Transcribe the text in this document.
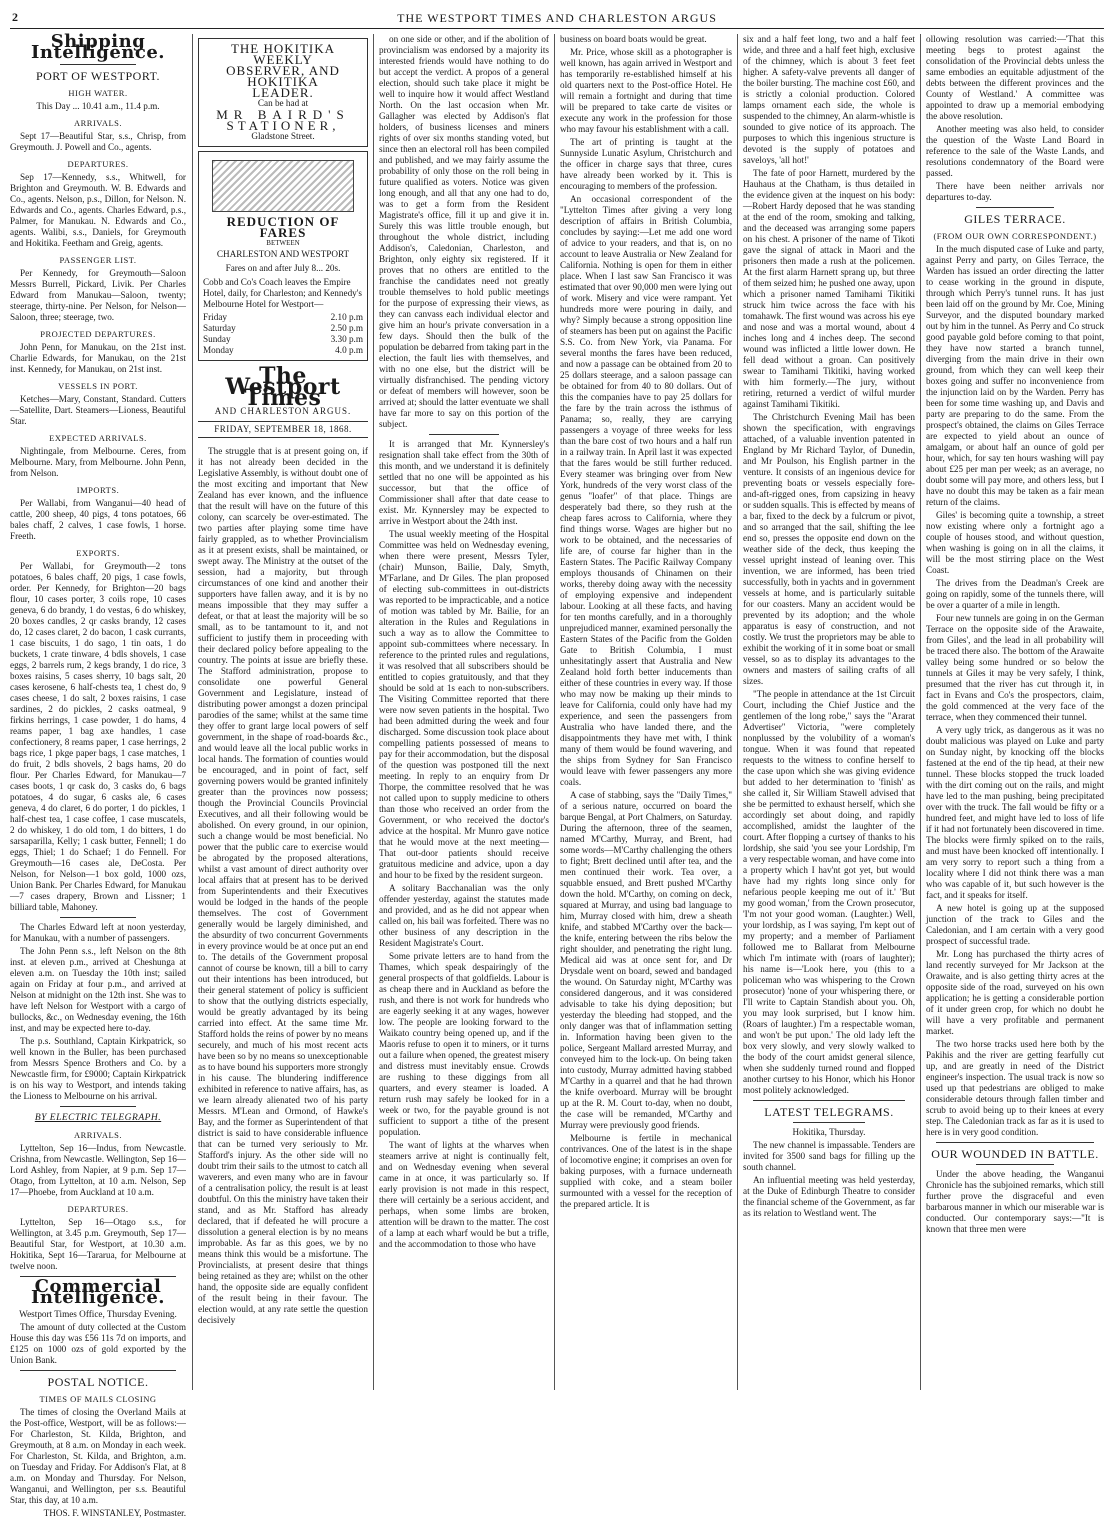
2	THE WESTPORT TIMES AND CHARLESTON ARGUS
Shipping Intelligence.
PORT OF WESTPORT.
HIGH WATER.

This Day ... 10.41 a.m., 11.4 p.m.

ARRIVALS.

Sept 17—Beautiful Star, s.s., Chrisp, from Greymouth. J. Powell and Co., agents.

DEPARTURES.

Sep 17—Kennedy, s.s., Whitwell, for Brighton and Greymouth. W. B. Edwards and Co., agents. Nelson, p.s., Dillon, for Nelson. N. Edwards and Co., agents. Charles Edward, p.s., Palmer, for Manukau. N. Edwards and Co., agents. Walibi, s.s., Daniels, for Greymouth and Hokitika. Feetham and Greig, agents.

PASSENGER LIST.

Per Kennedy, for Greymouth—Saloon Messrs Burrell, Pickard, Livik. Per Charles Edward from Manukau—Saloon, twenty; steerage, thirty-nine. Per Nelson, for Nelson—Saloon, three; steerage, two.

PROJECTED DEPARTURES.

John Penn, for Manukau, on the 21st inst. Charlie Edwards, for Manukau, on the 21st inst. Kennedy, for Manukau, on 21st inst.

VESSELS IN PORT.

Ketches—Mary, Constant, Standard. Cutters—Satellite, Dart. Steamers—Lioness, Beautiful Star.

EXPECTED ARRIVALS.

Nightingale, from Melbourne. Ceres, from Melbourne. Mary, from Melbourne. John Penn, from Nelson.

IMPORTS.

Per Wallabi, from Wanganui—40 head of cattle, 200 sheep, 40 pigs, 4 tons potatoes, 66 bales chaff, 2 calves, 1 case fowls, 1 horse. Freeth.

EXPORTS.

Per Wallabi, for Greymouth—2 tons potatoes, 6 bales chaff, 20 pigs, 1 case fowls, order. Per Kennedy, for Brighton—20 bags flour, 10 cases porter, 3 coils rope, 10 cases geneva, 6 do brandy, 1 do vestas, 6 do whiskey, 20 boxes candles, 2 qr casks brandy, 12 cases do, 12 cases claret, 2 do bacon, 1 cask currants, 1 case biscuits, 1 do sago, 1 tin oats, 1 do buckets, 1 crate tinware, 4 bdls shovels, 1 case eggs, 2 barrels rum, 2 kegs brandy, 1 do rice, 3 boxes raisins, 5 cases sherry, 10 bags salt, 20 cases kerosene, 6 half-chests tea, 1 chest do, 9 cases cheese, 1 do salt, 2 boxes raisins, 1 case sardines, 2 do pickles, 2 casks oatmeal, 9 firkins herrings, 1 case powder, 1 do hams, 4 reams paper, 1 bag axe handles, 1 case confectionery, 8 reams paper, 1 case herrings, 2 bags rice, 1 pkge paper bags, 1 case matches, 1 do fruit, 2 bdls shovels, 2 bags hams, 20 do flour. Per Charles Edward, for Manukau—7 cases boots, 1 qr cask do, 3 casks do, 6 bags potatoes, 4 do sugar, 6 casks ale, 6 cases geneva, 4 do claret, 6 do porter, 1 do pickles, 1 half-chest tea, 1 case coffee, 1 case muscatels, 2 do whiskey, 1 do old tom, 1 do bitters, 1 do sarsaparilla, Kelly; 1 cask butter, Fennell; 1 do eggs, Thiel; 1 do Schaef; 1 do Fennell. For Greymouth—16 cases ale, DeCosta. Per Nelson, for Nelson—1 box gold, 1000 ozs, Union Bank. Per Charles Edward, for Manukau—7 cases drapery, Brown and Lissner; 1 billiard table, Mahoney.

The Charles Edward left at noon yesterday, for Manukau, with a number of passengers.

The John Penn s.s., left Nelson on the 8th inst. at eleven p.m., arrived at Cheshunga at eleven a.m. on Tuesday the 10th inst; sailed again on Friday at four p.m., and arrived at Nelson at midnight on the 12th inst. She was to have left Nelson for Westport with a cargo of bullocks, &c., on Wednesday evening, the 16th inst, and may be expected here to-day.

The p.s. Southland, Captain Kirkpatrick, so well known in the Buller, has been purchased from Messrs Spence Brothers and Co. by a Newcastle firm, for £9000; Captain Kirkpatrick is on his way to Westport, and intends taking the Lioness to Melbourne on his arrival.

BY ELECTRIC TELEGRAPH.
ARRIVALS.

Lyttelton, Sep 16—Indus, from Newcastle. Crishna, from Newcastle. Wellington, Sep 16—Lord Ashley, from Napier, at 9 p.m. Sep 17—Otago, from Lyttelton, at 10 a.m. Nelson, Sep 17—Phoebe, from Auckland at 10 a.m.

DEPARTURES.

Lyttelton, Sep 16—Otago s.s., for Wellington, at 3.45 p.m. Greymouth, Sep 17—Beautiful Star, for Westport, at 10.30 a.m. Hokitika, Sept 16—Tararua, for Melbourne at twelve noon.

Commercial Intelligence.

Westport Times Office, Thursday Evening.

The amount of duty collected at the Custom House this day was £56 11s 7d on imports, and £125 on 1000 ozs of gold exported by the Union Bank.

POSTAL NOTICE.
TIMES OF MAILS CLOSING

The times of closing the Overland Mails at the Post-office, Westport, will be as follows:—For Charleston, St. Kilda, Brighton, and Greymouth, at 8 a.m. on Monday in each week. For Charleston, St. Kilda, and Brighton, a.m. on Tuesday and Friday. For Addison's Flat, at 8 a.m. on Monday and Thursday. For Nelson, Wanganui, and Wellington, per s.s. Beautiful Star, this day, at 10 a.m.

THOS. F. WINSTANLEY, Postmaster.

THE HOKITIKA WEEKLY
OBSERVER, AND HOKITIKA
LEADER.
Can be had at
MR BAIRD'S
STATIONER,
Gladstone Street.
REDUCTION OF FARES
BETWEEN
CHARLESTON AND WESTPORT
Fares on and after July 8... 20s.

Cobb and Co's Coach leaves the Empire Hotel, daily, for Charleston; and Kennedy's Melbourne Hotel for Westport—

Friday	2.10 p.m
Saturday	2.50 p.m
Sunday	3.30 p.m
Monday	4.0 p.m
The Westport Times
AND CHARLESTON ARGUS.
FRIDAY, SEPTEMBER 18, 1868.

The struggle that is at present going on, if it has not already been decided in the Legislative Assembly, is without doubt one of the most exciting and important that New Zealand has ever known, and the influence that the result will have on the future of this colony, can scarcely be over-estimated. The two parties after playing some time have fairly grappled, as to whether Provincialism as it at present exists, shall be maintained, or swept away. The Ministry at the outset of the session, had a majority, but through circumstances of one kind and another their supporters have fallen away, and it is by no means impossible that they may suffer a defeat, or that at least the majority will be so small, as to be tantamount to it, and not sufficient to justify them in proceeding with their declared policy before appealing to the country. The points at issue are briefly these. The Stafford administration, propose to consolidate one powerful General Government and Legislature, instead of distributing power amongst a dozen principal parodies of the same; whilst at the same time they offer to grant large local powers of self government, in the shape of road-boards &c., and would leave all the local public works in local hands. The formation of counties would be encouraged, and in point of fact, self governing powers would be granted infinitely greater than the provinces now possess; though the Provincial Councils Provincial Executives, and all their following would be abolished. On every ground, in our opinion, such a change would be most beneficial. No power that the public care to exercise would be abrogated by the proposed alterations, whilst a vast amount of direct authority over local affairs that at present has to be derived from Superintendents and their Executives would be lodged in the hands of the people themselves. The cost of Government generally would be largely diminished, and the absurdity of two concurrent Governments in every province would be at once put an end to. The details of the Government proposal cannot of course be known, till a bill to carry out their intentions has been introduced, but their general statement of policy is sufficient to show that the outlying districts especially, would be greatly advantaged by its being carried into effect. At the same time Mr. Stafford holds the reins of power by no means securely, and much of his most recent acts have been so by no means so unexceptionable as to have bound his supporters more strongly in his cause. The blundering indifference exhibited in reference to native affairs, has, as we learn already alienated two of his party Messrs. M'Lean and Ormond, of Hawke's Bay, and the former as Superintendent of that district is said to have considerable influence that can be turned very seriously to Mr. Stafford's injury. As the other side will no doubt trim their sails to the utmost to catch all waverers, and even many who are in favour of a centralisation policy, the result is at least doubtful. On this the ministry have taken their stand, and as Mr. Stafford has already declared, that if defeated he will procure a dissolution a general election is by no means improbable. As far as this goes, we by no means think this would be a misfortune. The Provincialists, at present desire that things being retained as they are; whilst on the other hand, the opposite side are equally confident of the result being in their favour. The election would, at any rate settle the question decisively

on one side or other, and if the abolition of provincialism was endorsed by a majority its interested friends would have nothing to do but accept the verdict. A propos of a general election, should such take place it might be well to inquire how it would affect Westland North. On the last occasion when Mr. Gallagher was elected by Addison's flat holders, of business licenses and miners rights of over six months standing voted, but since then an electoral roll has been compiled and published, and we may fairly assume the probability of only those on the roll being in future qualified as voters. Notice was given long enough, and all that any one had to do, was to get a form from the Resident Magistrate's office, fill it up and give it in. Surely this was little trouble enough, but throughout the whole district, including Addison's, Caledonian, Charleston, and Brighton, only eighty six registered. If it proves that no others are entitled to the franchise the candidates need not greatly trouble themselves to hold public meetings for the purpose of expressing their views, as they can canvass each individual elector and give him an hour's private conversation in a few days. Should then the bulk of the population be debarred from taking part in the election, the fault lies with themselves, and with no one else, but the district will be virtually disfranchised. The pending victory or defeat of members will however, soon be arrived at; should the latter eventuate we shall have far more to say on this portion of the subject.

It is arranged that Mr. Kynnersley's resignation shall take effect from the 30th of this month, and we understand it is definitely settled that no one will be appointed as his successor, but that the office of Commissioner shall after that date cease to exist. Mr. Kynnersley may be expected to arrive in Westport about the 24th inst.

The usual weekly meeting of the Hospital Committee was held on Wednesday evening, when there were present, Messrs Tyler, (chair) Munson, Bailie, Daly, Smyth, M'Farlane, and Dr Giles. The plan proposed of electing sub-committees in out-districts was reported to be impracticable, and a notice of motion was tabled by Mr. Bailie, for an alteration in the Rules and Regulations in such a way as to allow the Committee to appoint sub-committees where necessary. In reference to the printed rules and regulations, it was resolved that all subscribers should be entitled to copies gratuitously, and that they should be sold at 1s each to non-subscribers. The Visiting Committee reported that there were now seven patients in the hospital. Two had been admitted during the week and four discharged. Some discussion took place about compelling patients possessed of means to pay for their accommodation, but the disposal of the question was postponed till the next meeting. In reply to an enquiry from Dr Thorpe, the committee resolved that he was not called upon to supply medicine to others than those who received an order from the Government, or who received the doctor's advice at the hospital. Mr Munro gave notice that he would move at the next meeting—That out-door patients should receive gratuitous medicine and advice, upon a day and hour to be fixed by the resident surgeon.

A solitary Bacchanalian was the only offender yesterday, against the statutes made and provided, and as he did not appear when called on, his bail was forfeited. There was no other business of any description in the Resident Magistrate's Court.

Some private letters are to hand from the Thames, which speak despairingly of the general prospects of that goldfields. Labour is as cheap there and in Auckland as before the rush, and there is not work for hundreds who are eagerly seeking it at any wages, however low. The people are looking forward to the Waikato country being opened up, and if the Maoris refuse to open it to miners, or it turns out a failure when opened, the greatest misery and distress must inevitably ensue. Crowds are rushing to these diggings from all quarters, and every steamer is loaded. A return rush may safely be looked for in a week or two, for the payable ground is not sufficient to support a tithe of the present population.

The want of lights at the wharves when steamers arrive at night is continually felt, and on Wednesday evening when several came in at once, it was particularly so. If early provision is not made in this respect, there will certainly be a serious accident, and perhaps, when some limbs are broken, attention will be drawn to the matter. The cost of a lamp at each wharf would be but a trifle, and the accommodation to those who have

business on board boats would be great.

Mr. Price, whose skill as a photographer is well known, has again arrived in Westport and has temporarily re-established himself at his old quarters next to the Post-office Hotel. He will remain a fortnight and during that time will be prepared to take carte de visites or execute any work in the profession for those who may favour his establishment with a call.

The art of printing is taught at the Sunnyside Lunatic Asylum, Christchurch and the officer in charge says that three, cures have already been worked by it. This is encouraging to members of the profession.

An occasional correspondent of the "Lyttelton Times after giving a very long description of affairs in British Columbia, concludes by saying:—Let me add one word of advice to your readers, and that is, on no account to leave Australia or New Zealand for California. Nothing is open for them in either place. When I last saw San Francisco it was estimated that over 90,000 men were lying out of work. Misery and vice were rampant. Yet hundreds more were pouring in daily, and why? Simply because a strong opposition line of steamers has been put on against the Pacific S.S. Co. from New York, via Panama. For several months the fares have been reduced, and now a passage can be obtained from 20 to 25 dollars steerage, and a saloon passage can be obtained for from 40 to 80 dollars. Out of this the companies have to pay 25 dollars for the fare by the train across the isthmus of Panama; so, really, they are carrying passengers a voyage of three weeks for less than the bare cost of two hours and a half run in a railway train. In April last it was expected that the fares would be still further reduced. Every steamer was bringing over from New York, hundreds of the very worst class of the genus "loafer" of that place. Things are desperately bad there, so they rush at the cheap fares across to California, where they find things worse. Wages are higher but no work to be obtained, and the necessaries of life are, of course far higher than in the Eastern States. The Pacific Railway Company employs thousands of Chinamen on their works, thereby doing away with the necessity of employing expensive and independent labour. Looking at all these facts, and having for ten months carefully, and in a thoroughly unprejudiced manner, examined personally the Eastern States of the Pacific from the Golden Gate to British Columbia, I must unhesitatingly assert that Australia and New Zealand hold forth better inducements than either of these countries in every way. If those who may now be making up their minds to leave for California, could only have had my experience, and seen the passengers from Australia who have landed there, and the disappointments they have met with, I think many of them would be found wavering, and the ships from Sydney for San Francisco would leave with fewer passengers any more coals.

A case of stabbing, says the "Daily Times," of a serious nature, occurred on board the barque Bengal, at Port Chalmers, on Saturday. During the afternoon, three of the seamen, named M'Carthy, Murray, and Brent, had some words—M'Carthy challenging the others to fight; Brett declined until after tea, and the men continued their work. Tea over, a squabble ensued, and Brett pushed M'Carthy down the hold. M'Carthy, on coming on deck, squared at Murray, and using bad language to him, Murray closed with him, drew a sheath knife, and stabbed M'Carthy over the back—the knife, entering between the ribs below the right shoulder, and penetrating the right lung. Medical aid was at once sent for, and Dr Drysdale went on board, sewed and bandaged the wound. On Saturday night, M'Carthy was considered dangerous, and it was considered advisable to take his dying deposition; but yesterday the bleeding had stopped, and the only danger was that of inflammation setting in. Information having been given to the police, Sergeant Mallard arrested Murray, and conveyed him to the lock-up. On being taken into custody, Murray admitted having stabbed M'Carthy in a quarrel and that he had thrown the knife overboard. Murray will be brought up at the R. M. Court to-day, when no doubt, the case will be remanded, M'Carthy and Murray were previously good friends.

Melbourne is fertile in mechanical contrivances. One of the latest is in the shape of locomotive engine; it comprises an oven for baking purposes, with a furnace underneath supplied with coke, and a steam boiler surmounted with a vessel for the reception of the prepared article. It is

six and a half feet long, two and a half feet wide, and three and a half feet high, exclusive of the chimney, which is about 3 feet feet higher. A safety-valve prevents all danger of the boiler bursting. The machine cost £60, and is strictly a colonial production. Colored lamps ornament each side, the whole is suspended to the chimney, An alarm-whistle is sounded to give notice of its approach. The purposes to which this ingenious structure is devoted is the supply of potatoes and saveloys, 'all hot!'

The fate of poor Harnett, murdered by the Hauhaus at the Chatham, is thus detailed in the evidence given at the inquest on his body:—Robert Hardy deposed that he was standing at the end of the room, smoking and talking, and the deceased was arranging some papers on his chest. A prisoner of the name of Tikoti gave the signal of attack in Maori and the prisoners then made a rush at the policemen. At the first alarm Harnett sprang up, but three of them seized him; he pushed one away, upon which a prisoner named Tamihami Tikitiki struck him twice across the face with his tomahawk. The first wound was across his eye and nose and was a mortal wound, about 4 inches long and 4 inches deep. The second wound was inflicted a little lower down. He fell dead without a groan. Can positively swear to Tamihami Tikitiki, having worked with him formerly.—The jury, without retiring, returned a verdict of wilful murder against Tamihami Tikitiki.

The Christchurch Evening Mail has been shown the specification, with engravings attached, of a valuable invention patented in England by Mr Richard Taylor, of Dunedin, and Mr Poulson, his English partner in the venture. It consists of an ingenious device for preventing boats or vessels especially fore-and-aft-rigged ones, from capsizing in heavy or sudden squalls. This is effected by means of a bar, fixed to the deck by a fulcrum or pivot, and so arranged that the sail, shifting the lee end so, presses the opposite end down on the weather side of the deck, thus keeping the vessel upright instead of leaning over. This invention, we are informed, has been tried successfully, both in yachts and in government vessels at home, and is particularly suitable for our coasters. Many an accident would be prevented by its adoption; and the whole apparatus is easy of construction, and not costly. We trust the proprietors may be able to exhibit the working of it in some boat or small vessel, so as to display its advantages to the owners and masters of sailing crafts of all sizes.

"The people in attendance at the 1st Circuit Court, including the Chief Justice and the gentlemen of the long robe," says the "Ararat Advertiser" Victoria, "were completely nonplussed by the volubility of a woman's tongue. When it was found that repeated requests to the witness to confine herself to the case upon which she was giving evidence but added to her determination to 'finish' as she called it, Sir William Stawell advised that she be permitted to exhaust herself, which she accordingly set about doing, and rapidly accomplished, amidst the laughter of the court. After flopping a curtsey of thanks to his lordship, she said 'you see your Lordship, I'm a very respectable woman, and have come into a property which I hav'nt got yet, but would have had my rights long since only for nefarious people keeping me out of it.' 'But my good woman,' from the Crown prosecutor, 'I'm not your good woman. (Laughter.) Well, your lordship, as I was saying, I'm kept out of my property; and a member of Parliament followed me to Ballarat from Melbourne which I'm intimate with (roars of laughter); his name is—'Look here, you (this to a policeman who was whispering to the Crown prosecutor) 'none of your whispering there, or I'll write to Captain Standish about you. Oh, you may look surprised, but I know him. (Roars of laughter.) I'm a respectable woman, and won't be put upon.' The old lady left the box very slowly, and very slowly walked to the body of the court amidst general silence, when she suddenly turned round and flopped another curtsey to his Honor, which his Honor most politely acknowledged.

LATEST TELEGRAMS.

Hokitika, Thursday.

The new channel is impassable. Tenders are invited for 3500 sand bags for filling up the south channel.

An influential meeting was held yesterday, at the Duke of Edinburgh Theatre to consider the financial scheme of the Government, as far as its relation to Westland went. The

ollowing resolution was carried:—'That this meeting begs to protest against the consolidation of the Provincial debts unless the same embodies an equitable adjustment of the debts between the different provinces and the County of Westland.' A committee was appointed to draw up a memorial embodying the above resolution.

Another meeting was also held, to consider the question of the Waste Land Board in reference to the sale of the Waste Lands, and resolutions condemnatory of the Board were passed.

There have been neither arrivals nor departures to-day.

GILES TERRACE.
(FROM OUR OWN CORRESPONDENT.)

In the much disputed case of Luke and party, against Perry and party, on Giles Terrace, the Warden has issued an order directing the latter to cease working in the ground in dispute, through which Perry's tunnel runs. It has just been laid off on the ground by Mr. Coe, Mining Surveyor, and the disputed boundary marked out by him in the tunnel. As Perry and Co struck good payable gold before coming to that point, they have now started a branch tunnel, diverging from the main drive in their own ground, from which they can well keep their boxes going and suffer no inconvenience from the injunction laid on by the Warden. Perry has been for some time washing up, and Davis and party are preparing to do the same. From the prospect's obtained, the claims on Giles Terrace are expected to yield about an ounce of amalgam, or about half an ounce of gold per hour, which, for say ten hours washing will pay about £25 per man per week; as an average, no doubt some will pay more, and others less, but I have no doubt this may be taken as a fair mean return of the claims.

Giles' is becoming quite a township, a street now existing where only a fortnight ago a couple of houses stood, and without question, when washing is going on in all the claims, it will be the most stirring place on the West Coast.

The drives from the Deadman's Creek are going on rapidly, some of the tunnels there, will be over a quarter of a mile in length.

Four new tunnels are going in on the German Terrace on the opposite side of the Arawaite, from Giles', and the lead in all probability will be traced there also. The bottom of the Arawaite valley being some hundred or so below the tunnels at Giles it may be very safely, I think, presumed that the river has cut through it, in fact in Evans and Co's the prospectors, claim, the gold commenced at the very face of the terrace, when they commenced their tunnel.

A very ugly trick, as dangerous as it was no doubt malicious was played on Luke and party on Sunday night, by knocking off the blocks fastened at the end of the tip head, at their new tunnel. These blocks stopped the truck loaded with the dirt coming out on the rails, and might have led to the man pushing, being precipitated over with the truck. The fall would be fifty or a hundred feet, and might have led to loss of life if it had not fortunately been discovered in time. The blocks were firmly spiked on to the rails, and must have been knocked off intentionally. I am very sorry to report such a thing from a locality where I did not think there was a man who was capable of it, but such however is the fact, and it speaks for itself.

A new hotel is going up at the supposed junction of the track to Giles and the Caledonian, and I am certain with a very good prospect of successful trade.

Mr. Long has purchased the thirty acres of land recently surveyed for Mr Jackson at the Orawaite, and is also getting thirty acres at the opposite side of the road, surveyed on his own application; he is getting a considerable portion of it under green crop, for which no doubt he will have a very profitable and permanent market.

The two horse tracks used here both by the Pakihis and the river are getting fearfully cut up, and are greatly in need of the District engineer's inspection. The usual track is now so used up that pedestrians are obliged to make considerable detours through fallen timber and scrub to avoid being up to their knees at every step. The Caledonian track as far as it is used to here is in very good condition.

OUR WOUNDED IN BATTLE.

Under the above heading, the Wanganui Chronicle has the subjoined remarks, which still further prove the disgraceful and even barbarous manner in which our miserable war is conducted. Our contemporary says:—"It is known that three men were
